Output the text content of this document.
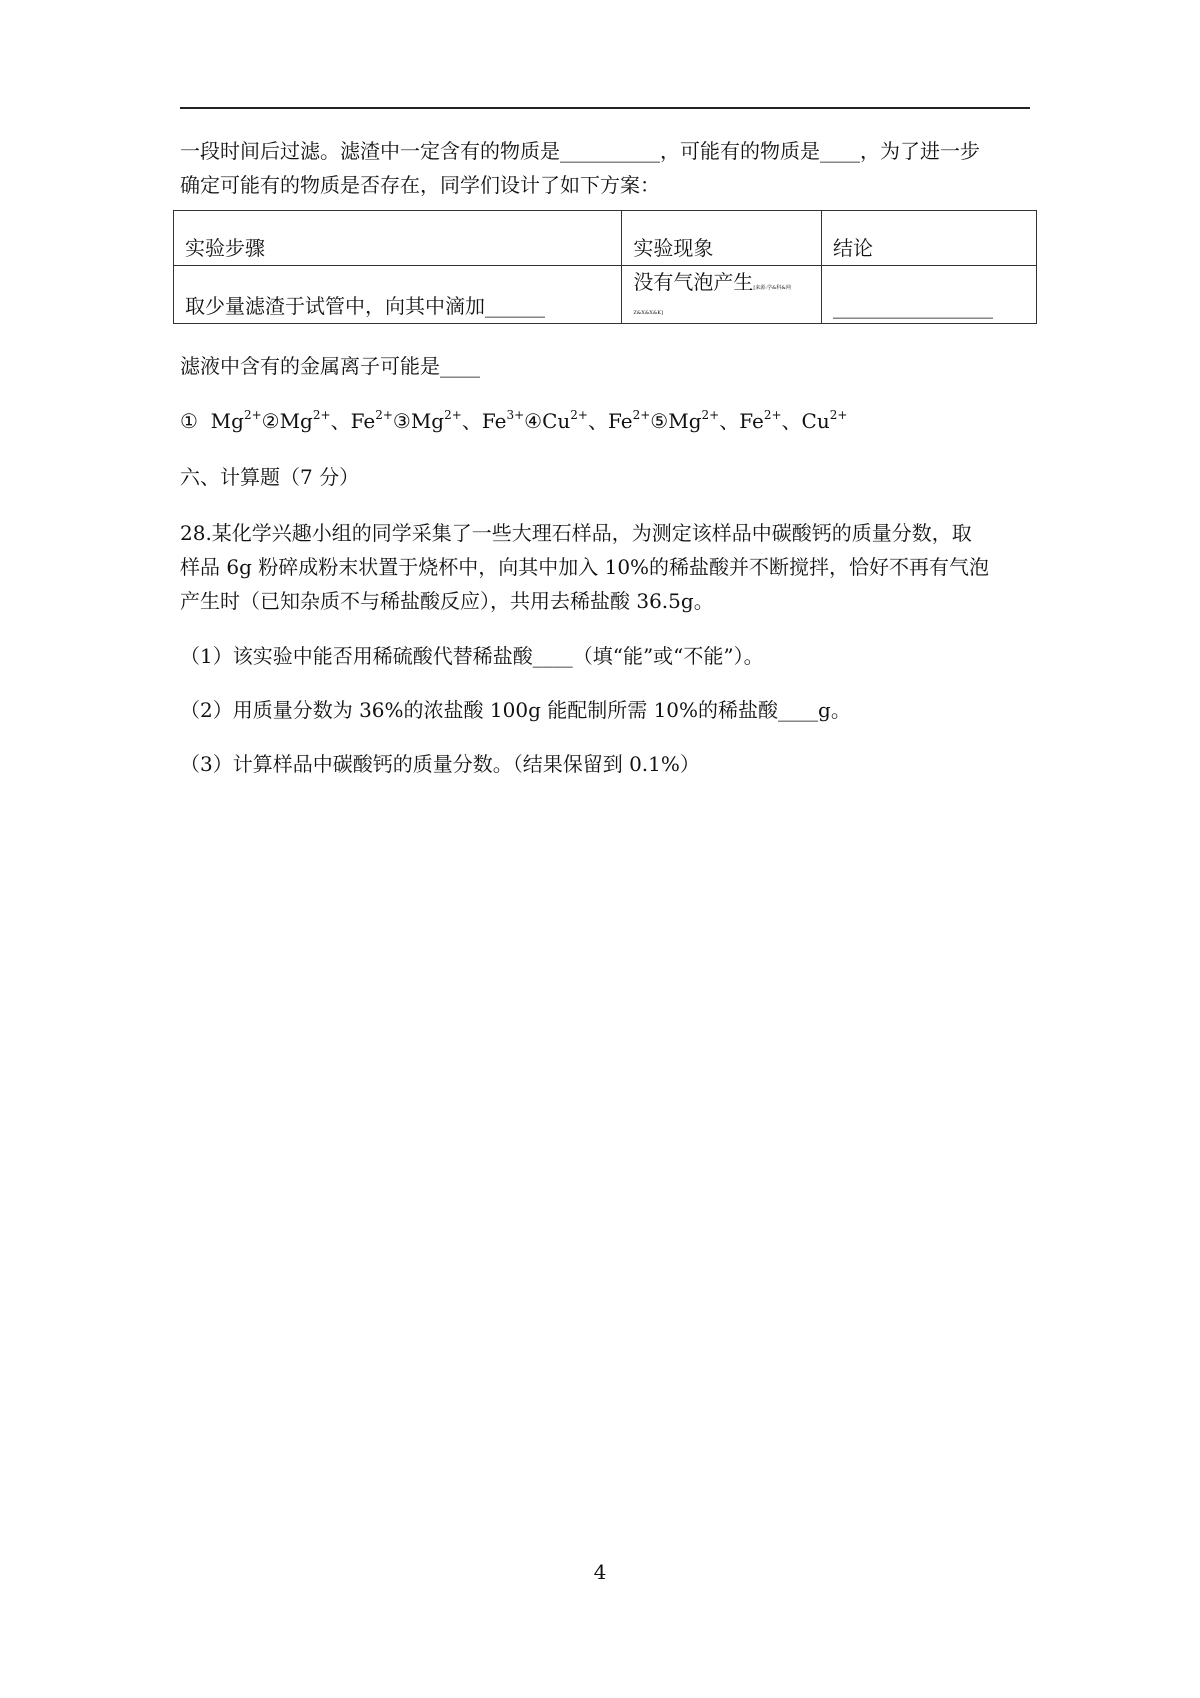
一段时间后过滤。滤渣中一定含有的物质是__________，可能有的物质是____，为了进一步
确定可能有的物质是否存在，同学们设计了如下方案：
实验步骤	实验现象	结论
取少量滤渣于试管中，向其中滴加______	没有气泡产生[来源:学&科&网Z&X&X&K]	________________
滤液中含有的金属离子可能是____
① $Mg^{2+}②Mg^{2+}$、$Fe^{2+}③Mg^{2+}$、$Fe^{3+}④Cu^{2+}$、$Fe^{2+}⑤Mg^{2+}$、$Fe^{2+}$、$Cu^{2+}$
六、计算题（7 分）
28.某化学兴趣小组的同学采集了一些大理石样品，为测定该样品中碳酸钙的质量分数，取
样品 6g 粉碎成粉末状置于烧杯中，向其中加入 10%的稀盐酸并不断搅拌，恰好不再有气泡
产生时（已知杂质不与稀盐酸反应），共用去稀盐酸 36.5g。
（1）该实验中能否用稀硫酸代替稀盐酸____（填“能”或“不能”）。
（2）用质量分数为 36%的浓盐酸 100g 能配制所需 10%的稀盐酸____g。
（3）计算样品中碳酸钙的质量分数。（结果保留到 0.1%）
4
